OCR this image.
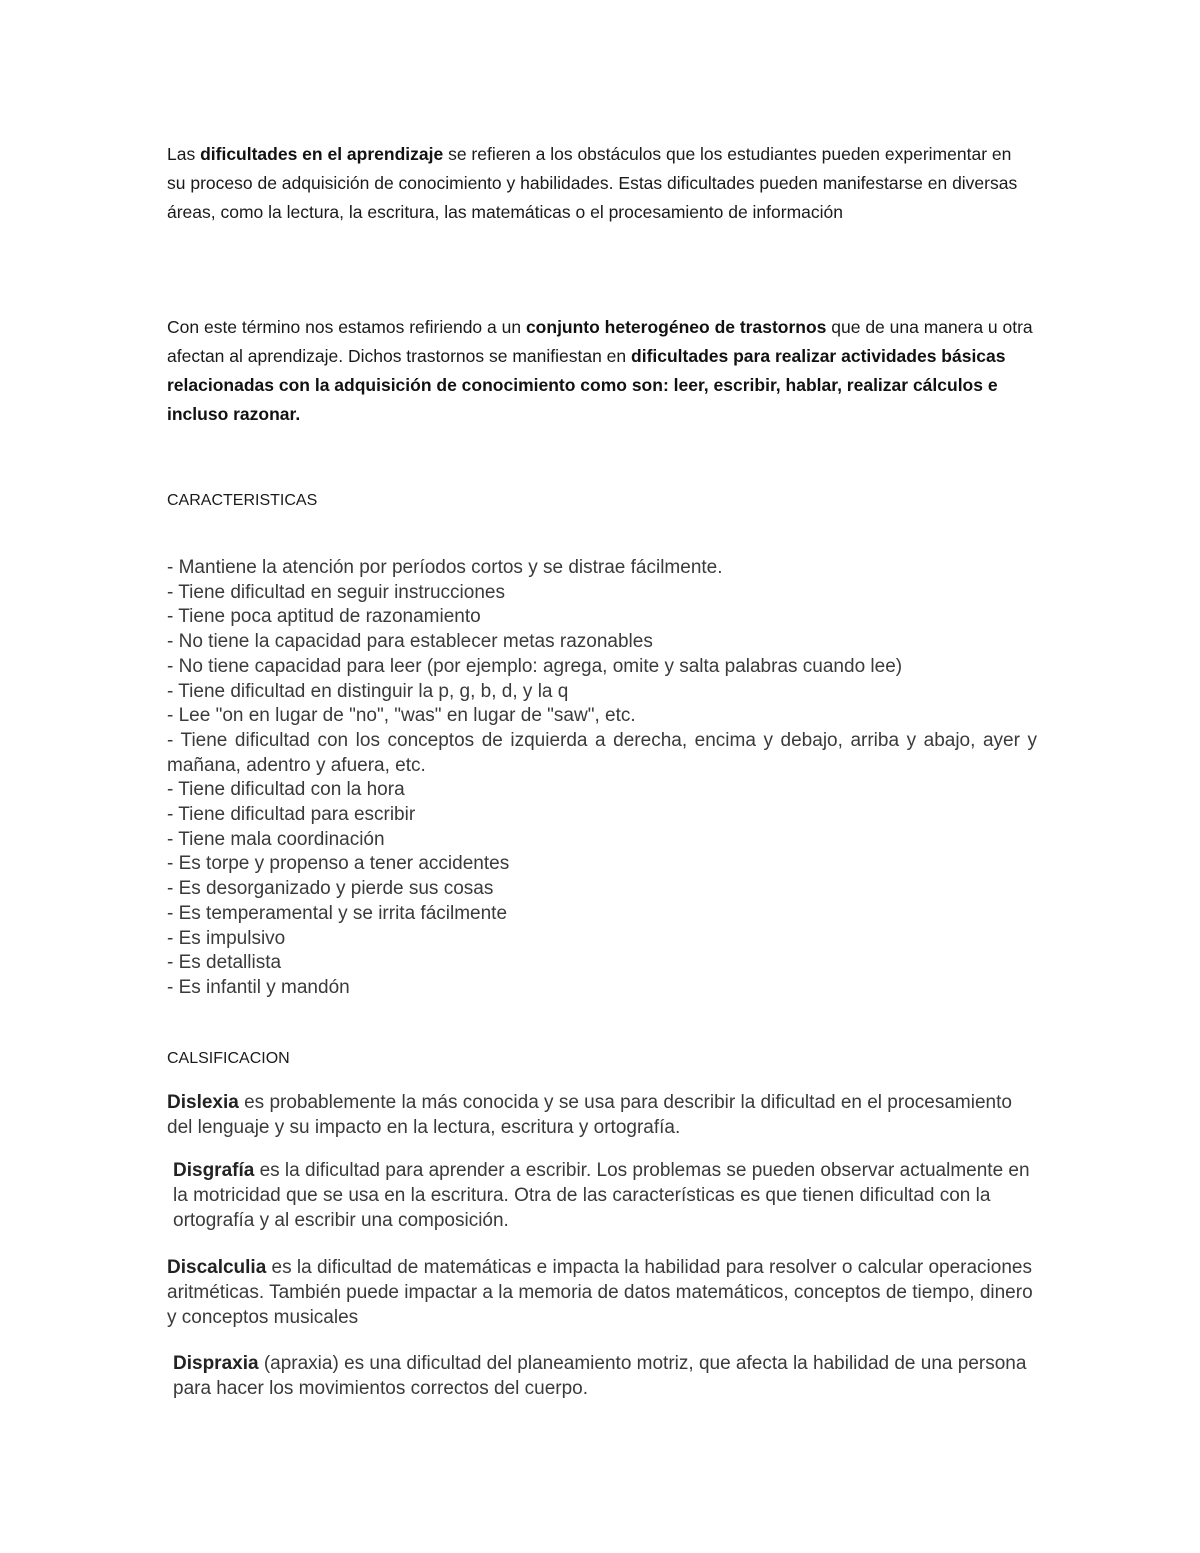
Las dificultades en el aprendizaje se refieren a los obstáculos que los estudiantes pueden experimentar en su proceso de adquisición de conocimiento y habilidades. Estas dificultades pueden manifestarse en diversas áreas, como la lectura, la escritura, las matemáticas o el procesamiento de información

Con este término nos estamos refiriendo a un conjunto heterogéneo de trastornos que de una manera u otra afectan al aprendizaje. Dichos trastornos se manifiestan en dificultades para realizar actividades básicas relacionadas con la adquisición de conocimiento como son: leer, escribir, hablar, realizar cálculos e incluso razonar.

CARACTERISTICAS

- Mantiene la atención por períodos cortos y se distrae fácilmente.
- Tiene dificultad en seguir instrucciones
- Tiene poca aptitud de razonamiento
- No tiene la capacidad para establecer metas razonables
- No tiene capacidad para leer (por ejemplo: agrega, omite y salta palabras cuando lee)
- Tiene dificultad en distinguir la p, g, b, d, y la q
- Lee "on en lugar de "no", "was" en lugar de "saw", etc.
- Tiene dificultad con los conceptos de izquierda a derecha, encima y debajo, arriba y abajo, ayer y mañana, adentro y afuera, etc.
- Tiene dificultad con la hora
- Tiene dificultad para escribir
- Tiene mala coordinación
- Es torpe y propenso a tener accidentes
- Es desorganizado y pierde sus cosas
- Es temperamental y se irrita fácilmente
- Es impulsivo
- Es detallista
- Es infantil y mandón

CALSIFICACION

Dislexia es probablemente la más conocida y se usa para describir la dificultad en el procesamiento del lenguaje y su impacto en la lectura, escritura y ortografía.

Disgrafía es la dificultad para aprender a escribir. Los problemas se pueden observar actualmente en la motricidad que se usa en la escritura. Otra de las características es que tienen dificultad con la ortografía y al escribir una composición.

Discalculia es la dificultad de matemáticas e impacta la habilidad para resolver o calcular operaciones aritméticas. También puede impactar a la memoria de datos matemáticos, conceptos de tiempo, dinero y conceptos musicales

Dispraxia (apraxia) es una dificultad del planeamiento motriz, que afecta la habilidad de una persona para hacer los movimientos correctos del cuerpo.
